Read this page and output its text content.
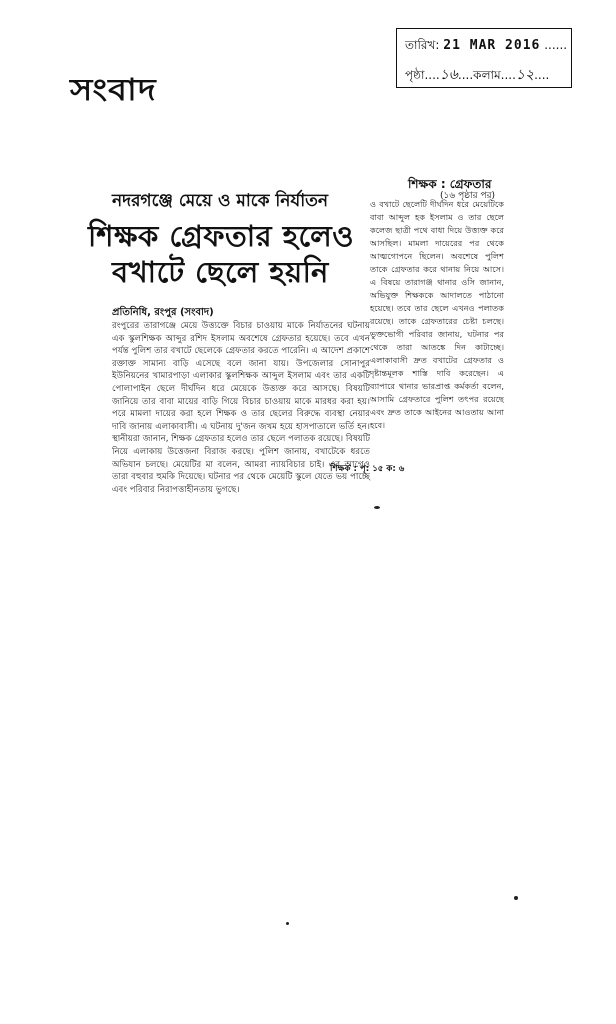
তারিখ: 21 MAR 2016 ......
পৃষ্ঠা....১৬....কলাম....১২....
সংবাদ
নদরগঞ্জে মেয়ে ও মাকে নির্যাতন
শিক্ষক গ্রেফতার হলেও
বখাটে ছেলে হয়নি
প্রতিনিধি, রংপুর (সংবাদ)

রংপুরের তারাগঞ্জে মেয়ে উত্ত্যক্তে বিচার চাওয়ায় মাকে নির্যাতনের ঘটনায় এক স্কুলশিক্ষক আব্দুর রশিদ ইসলাম অবশেষে গ্রেফতার হয়েছে। তবে এখন পর্যন্ত পুলিশ তার বখাটে ছেলেকে গ্রেফতার করতে পারেনি। এ আদেশ প্রকাশে রক্তাক্ত সামান্য বাড়ি এসেছে বলে জানা যায়। উপজেলার সোনাপুর ইউনিয়নের খামারপাড়া এলাকার স্কুলশিক্ষক আব্দুল ইসলাম এবং তার একটি পোলাপাইন ছেলে দীর্ঘদিন ধরে মেয়েকে উত্ত্যক্ত করে আসছে। বিষয়টি জানিয়ে তার বাবা মায়ের বাড়ি গিয়ে বিচার চাওয়ায় মাকে মারধর করা হয়। পরে মামলা দায়ের করা হলে শিক্ষক ও তার ছেলের বিরুদ্ধে ব্যবস্থা নেয়ার দাবি জানায় এলাকাবাসী। এ ঘটনায় দু'জন জখম হয়ে হাসপাতালে ভর্তি হন। স্থানীয়রা জানান, শিক্ষক গ্রেফতার হলেও তার ছেলে পলাতক রয়েছে। বিষয়টি নিয়ে এলাকায় উত্তেজনা বিরাজ করছে। পুলিশ জানায়, বখাটেকে ধরতে অভিযান চলছে। মেয়েটির মা বলেন, আমরা ন্যায়বিচার চাই। এর আগেও তারা বহুবার হুমকি দিয়েছে। ঘটনার পর থেকে মেয়েটি স্কুলে যেতে ভয় পাচ্ছে এবং পরিবার নিরাপত্তাহীনতায় ভুগছে।

শিক্ষক : পৃ: ১৫ ক: ৬
শিক্ষক : গ্রেফতার
(১৬ পৃষ্ঠার পর)

ও বখাটে ছেলেটি দীর্ঘদিন ধরে মেয়েটিকে বাবা আব্দুল হক ইসলাম ও তার ছেলে কলেজ ছাত্রী পথে বাধা দিয়ে উত্ত্যক্ত করে আসছিল। মামলা দায়েরের পর থেকে আত্মগোপনে ছিলেন। অবশেষে পুলিশ তাকে গ্রেফতার করে থানায় নিয়ে আসে। এ বিষয়ে তারাগঞ্জ থানার ওসি জানান, অভিযুক্ত শিক্ষককে আদালতে পাঠানো হয়েছে। তবে তার ছেলে এখনও পলাতক রয়েছে। তাকে গ্রেফতারের চেষ্টা চলছে। ভুক্তভোগী পরিবার জানায়, ঘটনার পর থেকে তারা আতঙ্কে দিন কাটাচ্ছে। এলাকাবাসী দ্রুত বখাটের গ্রেফতার ও দৃষ্টান্তমূলক শাস্তি দাবি করেছেন। এ ব্যাপারে থানার ভারপ্রাপ্ত কর্মকর্তা বলেন, আসামি গ্রেফতারে পুলিশ তৎপর রয়েছে এবং দ্রুত তাকে আইনের আওতায় আনা হবে।
